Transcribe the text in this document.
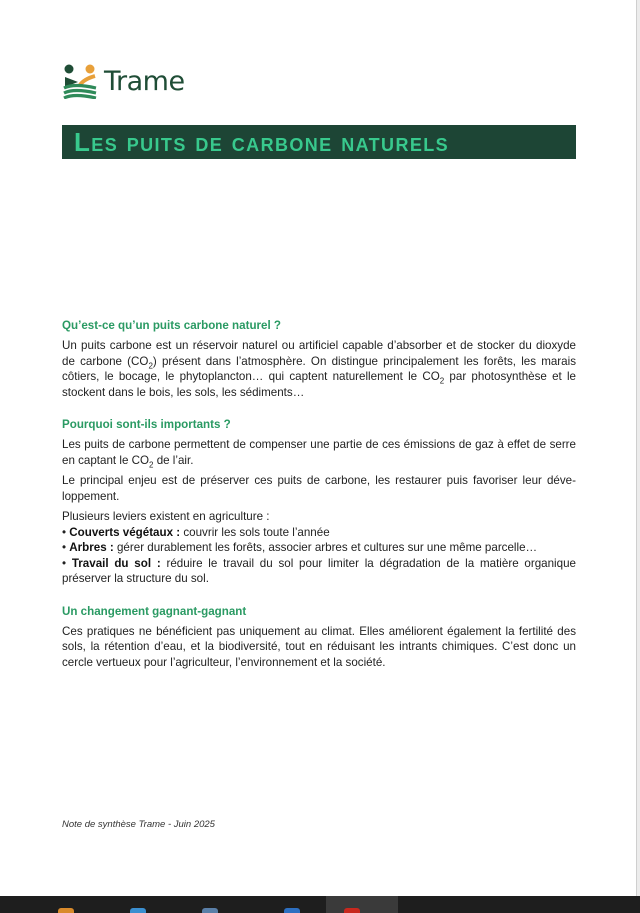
Trame
Les puits de carbone naturels
Qu’est-ce qu’un puits carbone naturel ?

Un puits carbone est un réservoir naturel ou artificiel capable d’absorber et de stocker du dioxyde de carbone $(CO_2)$ présent dans l’atmosphère. On distingue principalement les forêts, les marais côtiers, le bocage, le phytoplancton… qui captent naturellement le $CO_2$ par photosynthèse et le stockent dans le bois, les sols, les sédiments…

Pourquoi sont-ils importants ?

Les puits de carbone permettent de compenser une partie de ces émissions de gaz à effet de serre en captant le $CO_2$ de l’air.

Le principal enjeu est de préserver ces puits de carbone, les restaurer puis favoriser leur développement.

Plusieurs leviers existent en agriculture :

• Couverts végétaux : couvrir les sols toute l’année

• Arbres : gérer durablement les forêts, associer arbres et cultures sur une même parcelle…

• Travail du sol : réduire le travail du sol pour limiter la dégradation de la matière organique préserver la structure du sol.

Un changement gagnant-gagnant

Ces pratiques ne bénéficient pas uniquement au climat. Elles améliorent également la fertilité des sols, la rétention d’eau, et la biodiversité, tout en réduisant les intrants chimiques. C’est donc un cercle vertueux pour l’agriculteur, l’environnement et la société.

Note de synthèse Trame - Juin 2025
